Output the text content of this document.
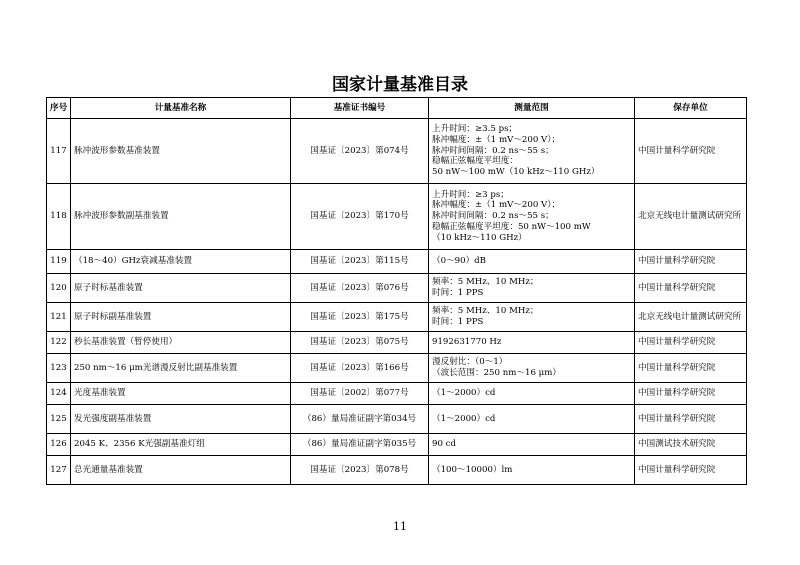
国家计量基准目录
序号	计量基准名称	基准证书编号	测量范围	保存单位
117	脉冲波形参数基准装置	国基证〔2023〕第074号	上升时间：≥3.5 ps；
脉冲幅度：±（1 mV～200 V）；
脉冲时间间隔：0.2 ns～55 s；
稳幅正弦幅度平坦度：
50 nW～100 mW（10 kHz～110 GHz）	中国计量科学研究院
118	脉冲波形参数副基准装置	国基证〔2023〕第170号	上升时间：≥3 ps；
脉冲幅度：±（1 mV～200 V）；
脉冲时间间隔：0.2 ns～55 s；
稳幅正弦幅度平坦度：50 nW～100 mW
（10 kHz～110 GHz）	北京无线电计量测试研究所
119	（18～40）GHz衰减基准装置	国基证〔2023〕第115号	（0～90）dB	中国计量科学研究院
120	原子时标基准装置	国基证〔2023〕第076号	频率：5 MHz、10 MHz；
时间：1 PPS	中国计量科学研究院
121	原子时标副基准装置	国基证〔2023〕第175号	频率：5 MHz、10 MHz；
时间：1 PPS	北京无线电计量测试研究所
122	秒长基准装置（暂停使用）	国基证〔2023〕第075号	9192631770 Hz	中国计量科学研究院
123	250 nm～16 μm光谱漫反射比副基准装置	国基证〔2023〕第166号	漫反射比：（0～1）
（波长范围：250 nm～16 μm）	中国计量科学研究院
124	光度基准装置	国基证〔2002〕第077号	（1～2000）cd	中国计量科学研究院
125	发光强度副基准装置	（86）量局准证副字第034号	（1～2000）cd	中国计量科学研究院
126	2045 K、2356 K光强副基准灯组	（86）量局准证副字第035号	90 cd	中国测试技术研究院
127	总光通量基准装置	国基证〔2023〕第078号	（100～10000）lm	中国计量科学研究院
11
